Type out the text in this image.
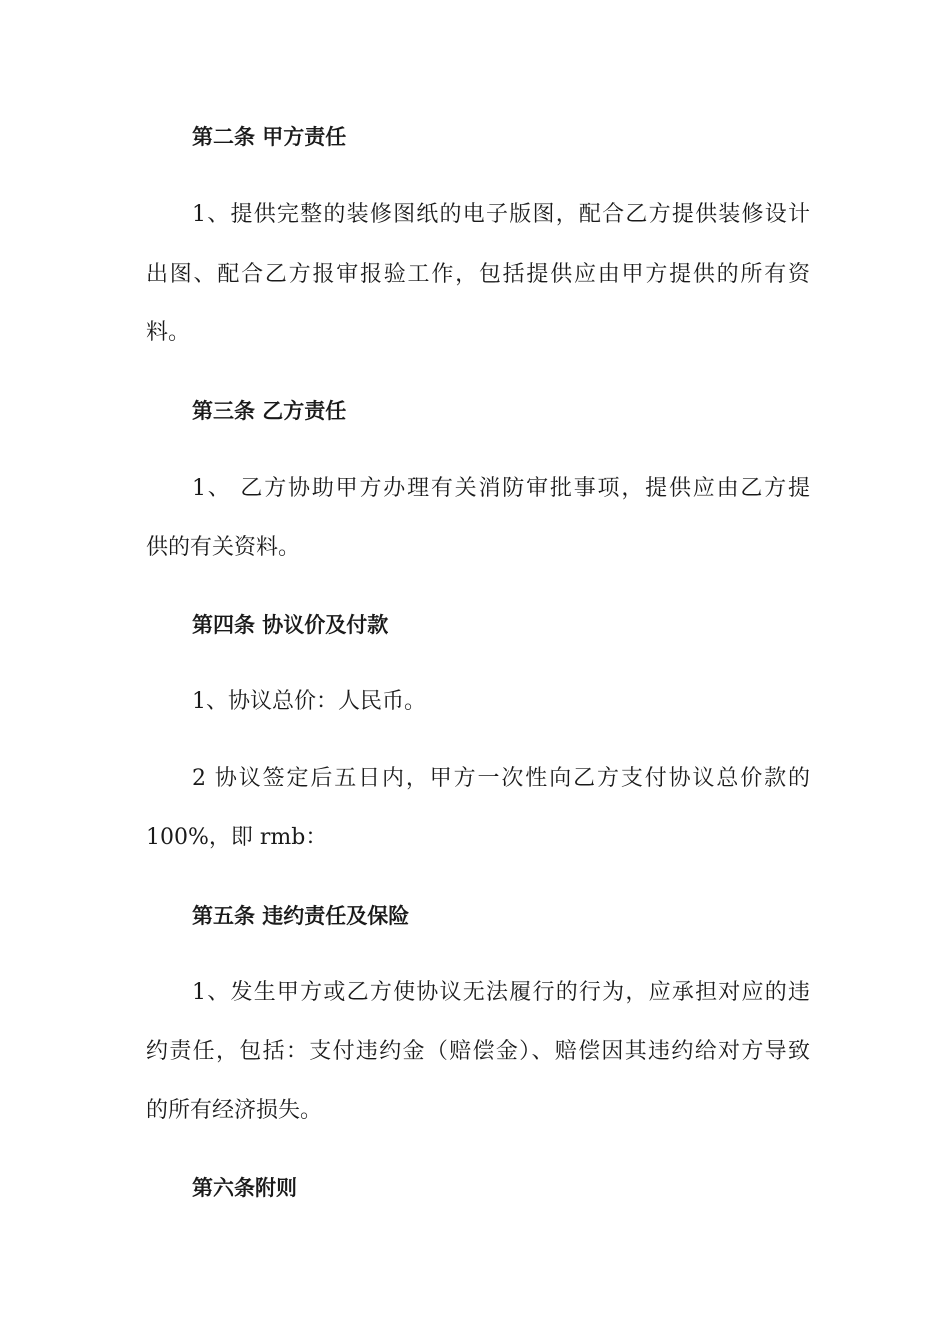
第二条 甲方责任
1、提供完整的装修图纸的电子版图，配合乙方提供装修设计
出图、配合乙方报审报验工作，包括提供应由甲方提供的所有资
料。
第三条 乙方责任
1、 乙方协助甲方办理有关消防审批事项，提供应由乙方提
供的有关资料。
第四条 协议价及付款
1、协议总价：人民币。
2 协议签定后五日内，甲方一次性向乙方支付协议总价款的
100%，即 rmb：
第五条 违约责任及保险
1、发生甲方或乙方使协议无法履行的行为，应承担对应的违
约责任，包括：支付违约金（赔偿金）、赔偿因其违约给对方导致
的所有经济损失。
第六条附则
